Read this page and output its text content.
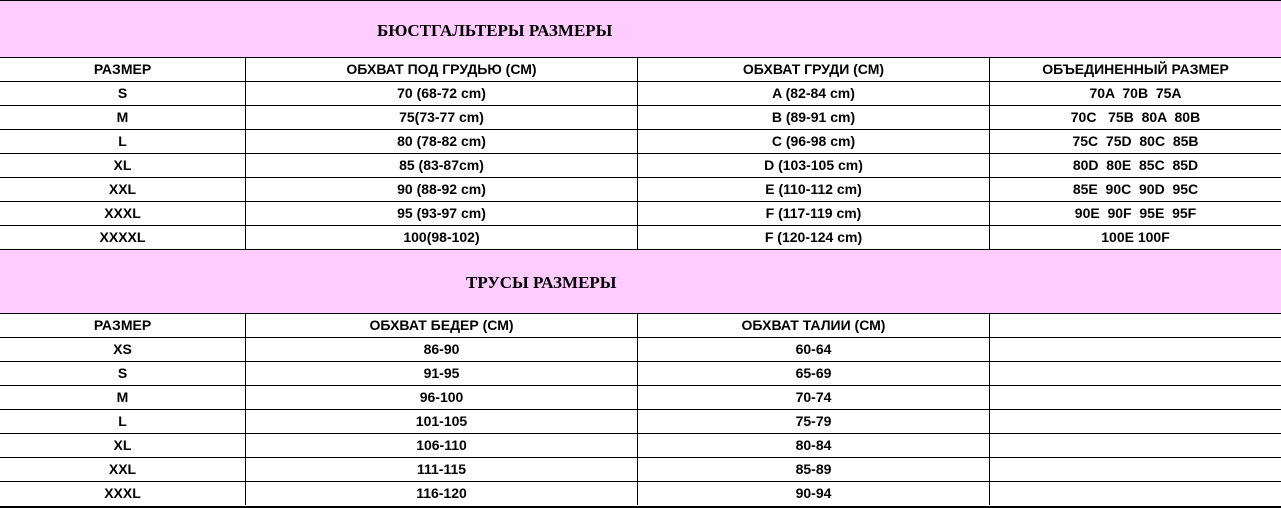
БЮСТГАЛЬТЕРЫ РАЗМЕРЫ
РАЗМЕР	ОБХВАТ ПОД ГРУДЬЮ (СМ)	ОБХВАТ ГРУДИ (СМ)	ОБЪЕДИНЕННЫЙ РАЗМЕР
S	70 (68-72 cm)	A (82-84 cm)	70A  70B  75A
M	75(73-77 cm)	B (89-91 cm)	70C   75B  80A  80B
L	80 (78-82 cm)	C (96-98 cm)	75C  75D  80C  85B
XL	85 (83-87cm)	D (103-105 cm)	80D  80E  85C  85D
XXL	90 (88-92 cm)	E (110-112 cm)	85E  90C  90D  95C
XXXL	95 (93-97 cm)	F (117-119 cm)	90E  90F  95E  95F
XXXXL	100(98-102)	F (120-124 cm)	100E 100F
ТРУСЫ РАЗМЕРЫ
РАЗМЕР	ОБХВАТ БЕДЕР (СМ)	ОБХВАТ ТАЛИИ (СМ)
XS	86-90	60-64
S	91-95	65-69
M	96-100	70-74
L	101-105	75-79
XL	106-110	80-84
XXL	111-115	85-89
XXXL	116-120	90-94
